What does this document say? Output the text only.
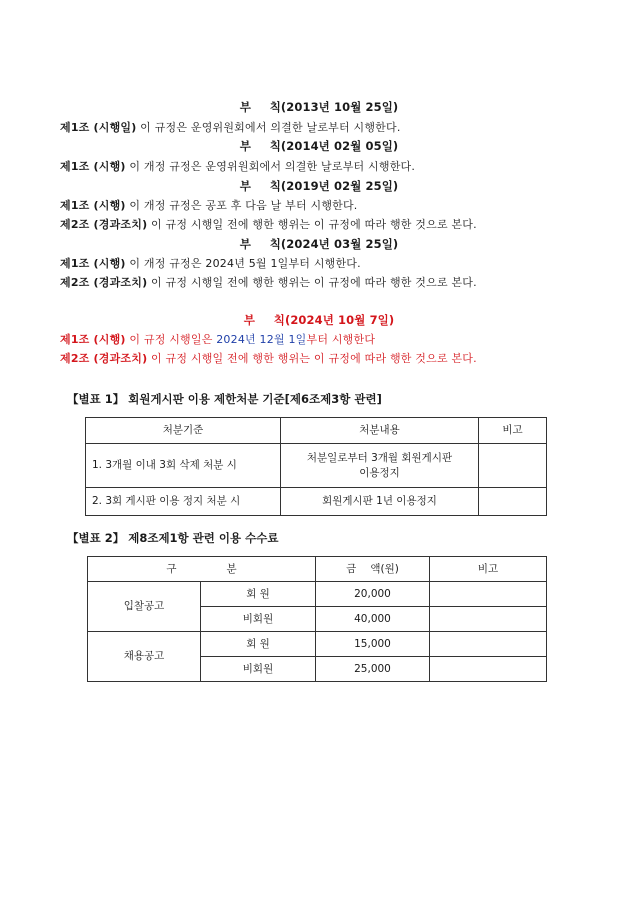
부 칙(2013년 10월 25일)
제1조 (시행일) 이 규정은 운영위원회에서 의결한 날로부터 시행한다.
부 칙(2014년 02월 05일)
제1조 (시행) 이 개정 규정은 운영위원회에서 의결한 날로부터 시행한다.
부 칙(2019년 02월 25일)
제1조 (시행) 이 개정 규정은 공포 후 다음 날 부터 시행한다.
제2조 (경과조치) 이 규정 시행일 전에 행한 행위는 이 규정에 따라 행한 것으로 본다.
부 칙(2024년 03월 25일)
제1조 (시행) 이 개정 규정은 2024년 5월 1일부터 시행한다.
제2조 (경과조치) 이 규정 시행일 전에 행한 행위는 이 규정에 따라 행한 것으로 본다.
부 칙(2024년 10월 7일)
제1조 (시행) 이 규정 시행일은 2024년 12월 1일부터 시행한다
제2조 (경과조치) 이 규정 시행일 전에 행한 행위는 이 규정에 따라 행한 것으로 본다.
【별표 1】 회원게시판 이용 제한처분 기준[제6조제3항 관련]
처분기준	처분내용	비고
1. 3개월 이내 3회 삭제 처분 시	처분일로부터 3개월 회원게시판
이용정지	

2. 3회 게시판 이용 정지 처분 시	회원게시판 1년 이용정지	
【별표 2】 제8조제1항 관련 이용 수수료
구 분		금 액(원)	비고
입찰공고	회 원	20,000	
	비회원	40,000	
채용공고	회 원	15,000	
	비회원	25,000	
